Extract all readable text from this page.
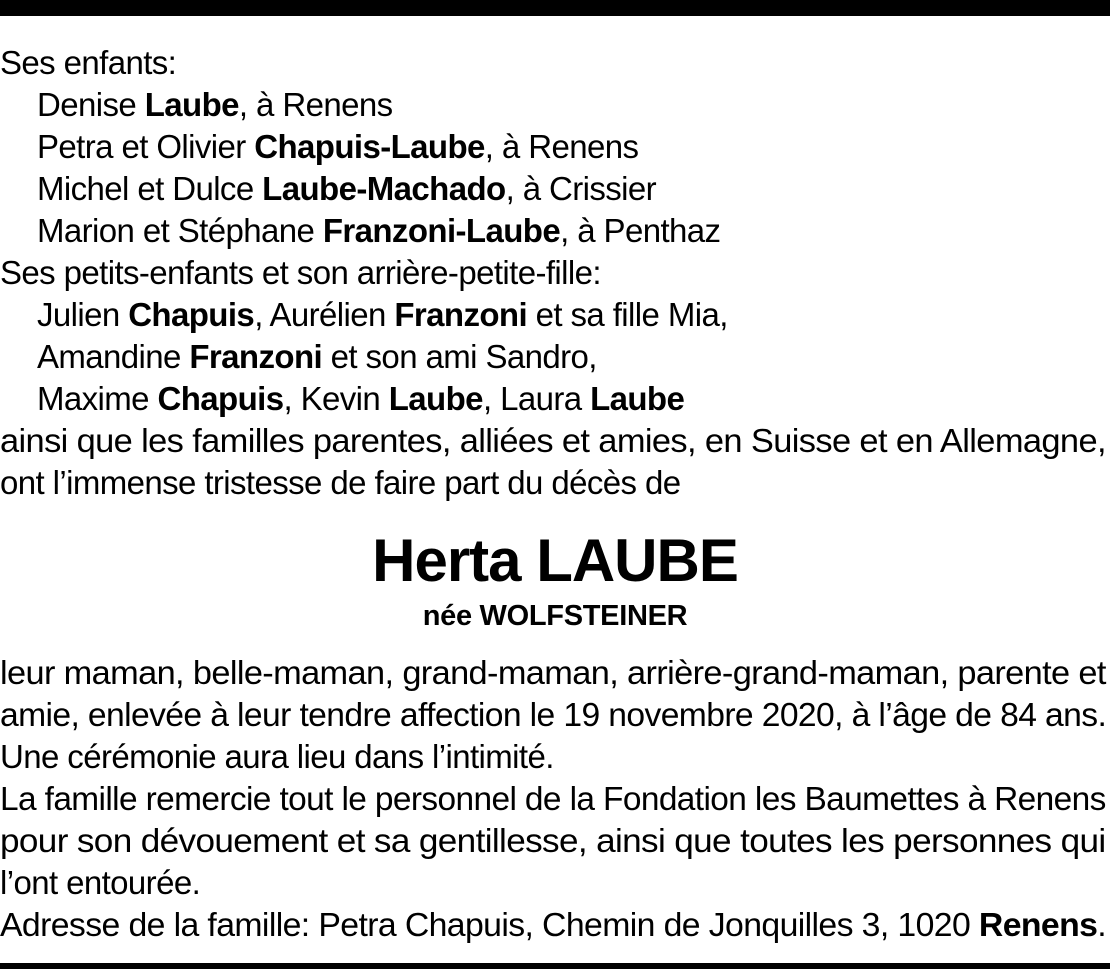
Ses enfants:
Denise Laube, à Renens
Petra et Olivier Chapuis-Laube, à Renens
Michel et Dulce Laube-Machado, à Crissier
Marion et Stéphane Franzoni-Laube, à Penthaz
Ses petits-enfants et son arrière-petite-fille:
Julien Chapuis, Aurélien Franzoni et sa fille Mia,
Amandine Franzoni et son ami Sandro,
Maxime Chapuis, Kevin Laube, Laura Laube
ainsi que les familles parentes, alliées et amies, en Suisse et en Allemagne,
ont l’immense tristesse de faire part du décès de
Herta LAUBE
née WOLFSTEINER
leur maman, belle-maman, grand-maman, arrière-grand-maman, parente et
amie, enlevée à leur tendre affection le 19 novembre 2020, à l’âge de 84 ans.
Une cérémonie aura lieu dans l’intimité.
La famille remercie tout le personnel de la Fondation les Baumettes à Renens
pour son dévouement et sa gentillesse, ainsi que toutes les personnes qui
l’ont entourée.
Adresse de la famille: Petra Chapuis, Chemin de Jonquilles 3, 1020 Renens.
